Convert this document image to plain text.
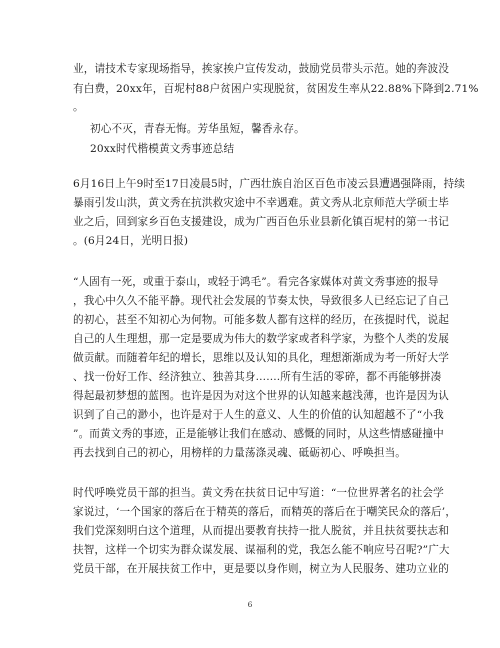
业，请技术专家现场指导，挨家挨户宣传发动，鼓励党员带头示范。她的奔波没
有白费，20xx年，百坭村88户贫困户实现脱贫，贫困发生率从22.88%下降到2.71%
。
初心不灭，青春无悔。芳华虽短，馨香永存。
20xx时代楷模黄文秀事迹总结
6月16日上午9时至17日凌晨5时，广西壮族自治区百色市凌云县遭遇强降雨，持续
暴雨引发山洪，黄文秀在抗洪救灾途中不幸遇难。黄文秀从北京师范大学硕士毕
业之后，回到家乡百色支援建设，成为广西百色乐业县新化镇百坭村的第一书记
。(6月24日，光明日报)
“人固有一死，或重于泰山，或轻于鸿毛”。看完各家媒体对黄文秀事迹的报导
，我心中久久不能平静。现代社会发展的节奏太快，导致很多人已经忘记了自己
的初心，甚至不知初心为何物。可能多数人都有这样的经历，在孩提时代，说起
自己的人生理想，那一定是要成为伟大的数学家或者科学家，为整个人类的发展
做贡献。而随着年纪的增长，思维以及认知的具化，理想渐渐成为考一所好大学
、找一份好工作、经济独立、独善其身.......所有生活的零碎，都不再能够拼凑
得起最初梦想的蓝图。也许是因为对这个世界的认知越来越浅薄，也许是因为认
识到了自己的渺小，也许是对于人生的意义、人生的价值的认知超越不了“小我
”。而黄文秀的事迹，正是能够让我们在感动、感慨的同时，从这些情感碰撞中
再去找到自己的初心，用榜样的力量荡涤灵魂、砥砺初心、呼唤担当。
时代呼唤党员干部的担当。黄文秀在扶贫日记中写道：“一位世界著名的社会学
家说过，‘一个国家的落后在于精英的落后，而精英的落后在于嘲笑民众的落后’，
我们党深刻明白这个道理，从而提出要教育扶持一批人脱贫，并且扶贫要扶志和
扶智，这样一个切实为群众谋发展、谋福利的党，我怎么能不响应号召呢?”广大
党员干部，在开展扶贫工作中，更是要以身作则，树立为人民服务、建功立业的
6
